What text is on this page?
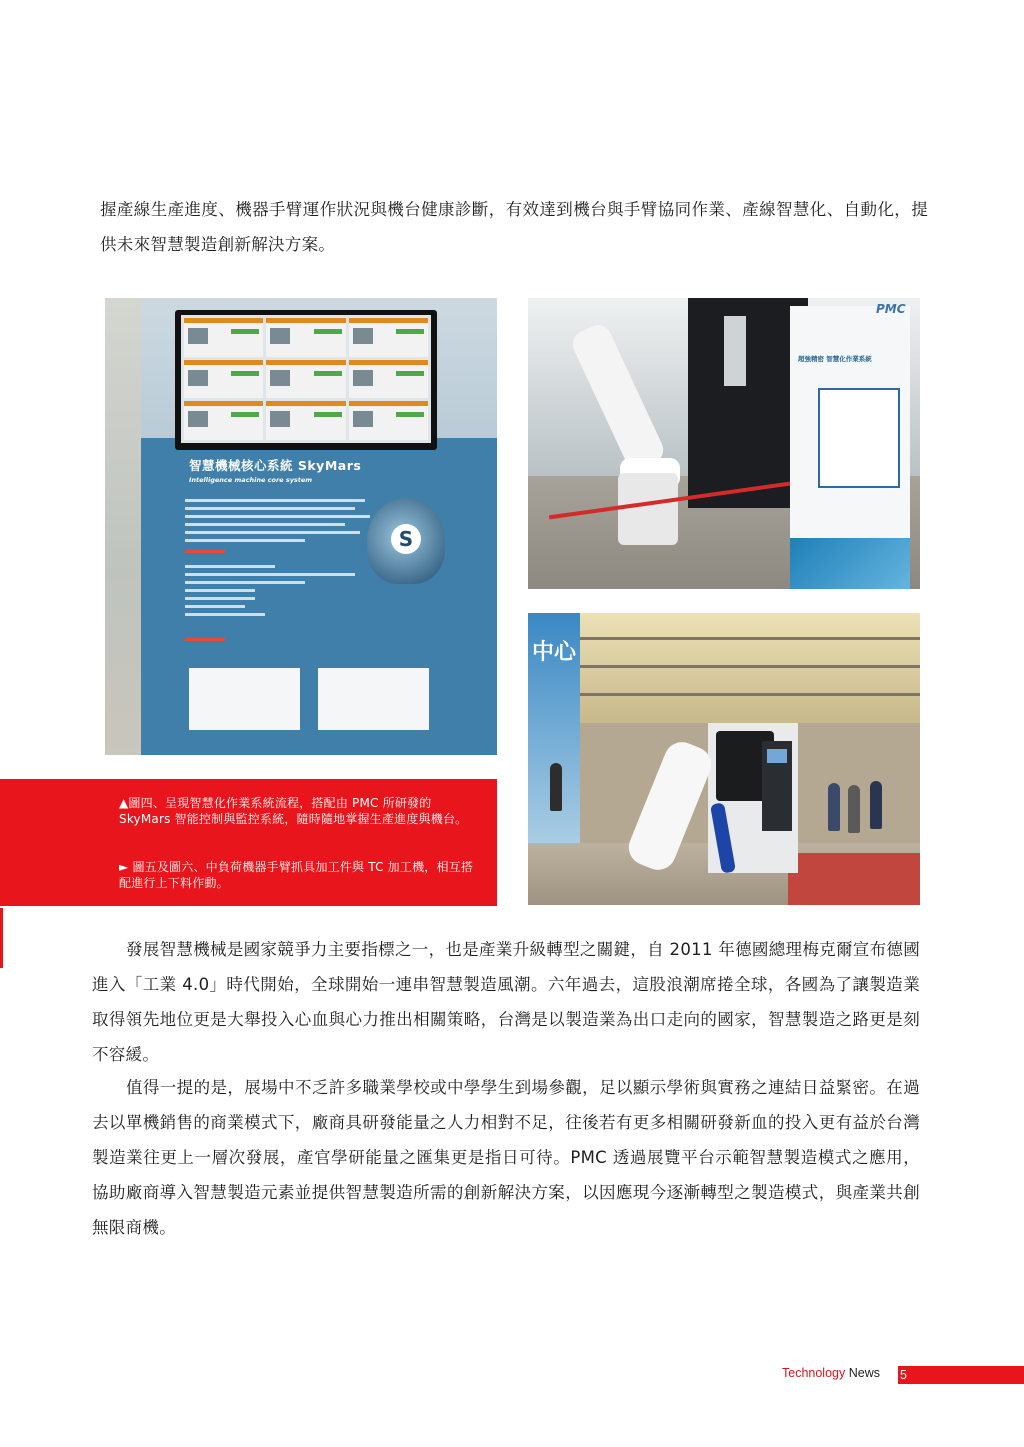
握產線生產進度、機器手臂運作狀況與機台健康診斷，有效達到機台與手臂協同作業、產線智慧化、自動化，提供未來智慧製造創新解決方案。
智慧機械核心系統 SkyMars
Intelligence machine core system
S
PMC
超強精密 智慧化作業系統
中心

▲圖四、呈現智慧化作業系統流程，搭配由 PMC 所研發的 SkyMars 智能控制與監控系統，隨時隨地掌握生產進度與機台。

► 圖五及圖六、中負荷機器手臂抓具加工件與 TC 加工機，相互搭配進行上下料作動。

發展智慧機械是國家競爭力主要指標之一，也是產業升級轉型之關鍵，自 2011 年德國總理梅克爾宣布德國進入「工業 4.0」時代開始，全球開始一連串智慧製造風潮。六年過去，這股浪潮席捲全球，各國為了讓製造業取得領先地位更是大舉投入心血與心力推出相關策略，台灣是以製造業為出口走向的國家，智慧製造之路更是刻不容緩。
值得一提的是，展場中不乏許多職業學校或中學學生到場參觀，足以顯示學術與實務之連結日益緊密。在過去以單機銷售的商業模式下，廠商具研發能量之人力相對不足，往後若有更多相關研發新血的投入更有益於台灣製造業往更上一層次發展，產官學研能量之匯集更是指日可待。PMC 透過展覽平台示範智慧製造模式之應用，協助廠商導入智慧製造元素並提供智慧製造所需的創新解決方案，以因應現今逐漸轉型之製造模式，與產業共創無限商機。
Technology News	5
